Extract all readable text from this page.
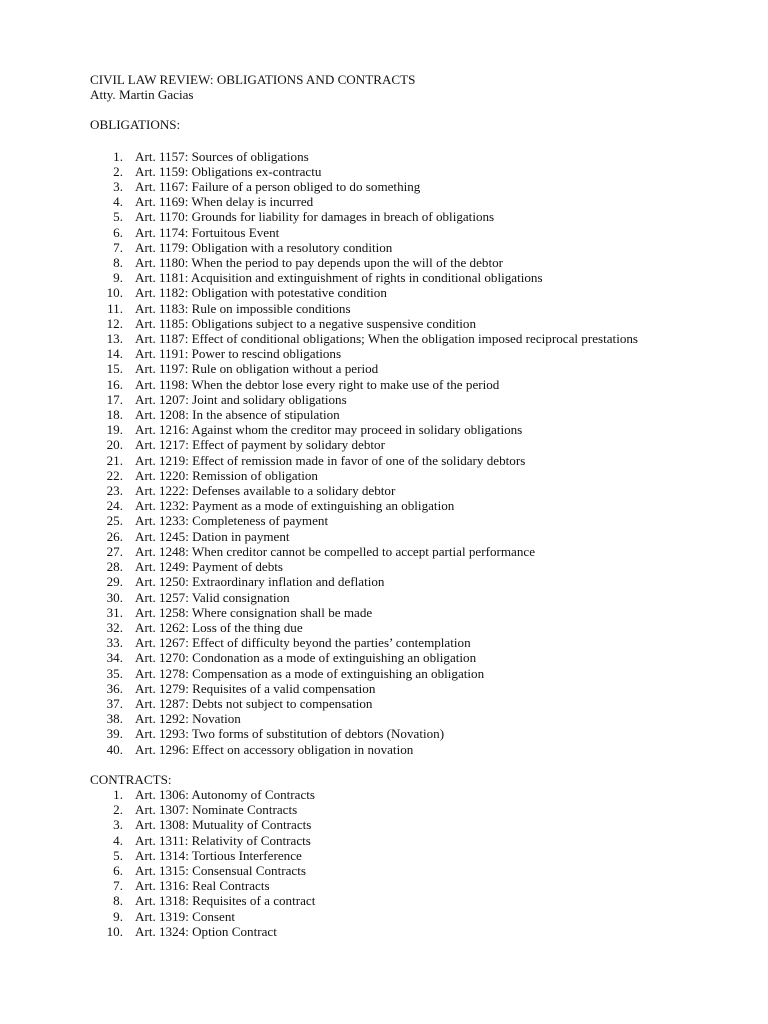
CIVIL LAW REVIEW: OBLIGATIONS AND CONTRACTS
Atty. Martin Gacias
OBLIGATIONS:
1. Art. 1157: Sources of obligations
2. Art. 1159: Obligations ex-contractu
3. Art. 1167: Failure of a person obliged to do something
4. Art. 1169: When delay is incurred
5. Art. 1170: Grounds for liability for damages in breach of obligations
6. Art. 1174: Fortuitous Event
7. Art. 1179: Obligation with a resolutory condition
8. Art. 1180: When the period to pay depends upon the will of the debtor
9. Art. 1181: Acquisition and extinguishment of rights in conditional obligations
10. Art. 1182: Obligation with potestative condition
11. Art. 1183: Rule on impossible conditions
12. Art. 1185: Obligations subject to a negative suspensive condition
13. Art. 1187: Effect of conditional obligations; When the obligation imposed reciprocal prestations
14. Art. 1191: Power to rescind obligations
15. Art. 1197: Rule on obligation without a period
16. Art. 1198: When the debtor lose every right to make use of the period
17. Art. 1207: Joint and solidary obligations
18. Art. 1208: In the absence of stipulation
19. Art. 1216: Against whom the creditor may proceed in solidary obligations
20. Art. 1217: Effect of payment by solidary debtor
21. Art. 1219: Effect of remission made in favor of one of the solidary debtors
22. Art. 1220: Remission of obligation
23. Art. 1222: Defenses available to a solidary debtor
24. Art. 1232: Payment as a mode of extinguishing an obligation
25. Art. 1233: Completeness of payment
26. Art. 1245: Dation in payment
27. Art. 1248: When creditor cannot be compelled to accept partial performance
28. Art. 1249: Payment of debts
29. Art. 1250: Extraordinary inflation and deflation
30. Art. 1257: Valid consignation
31. Art. 1258: Where consignation shall be made
32. Art. 1262: Loss of the thing due
33. Art. 1267: Effect of difficulty beyond the parties’ contemplation
34. Art. 1270: Condonation as a mode of extinguishing an obligation
35. Art. 1278: Compensation as a mode of extinguishing an obligation
36. Art. 1279: Requisites of a valid compensation
37. Art. 1287: Debts not subject to compensation
38. Art. 1292: Novation
39. Art. 1293: Two forms of substitution of debtors (Novation)
40. Art. 1296: Effect on accessory obligation in novation
CONTRACTS:
1. Art. 1306: Autonomy of Contracts
2. Art. 1307: Nominate Contracts
3. Art. 1308: Mutuality of Contracts
4. Art. 1311: Relativity of Contracts
5. Art. 1314: Tortious Interference
6. Art. 1315: Consensual Contracts
7. Art. 1316: Real Contracts
8. Art. 1318: Requisites of a contract
9. Art. 1319: Consent
10. Art. 1324: Option Contract
